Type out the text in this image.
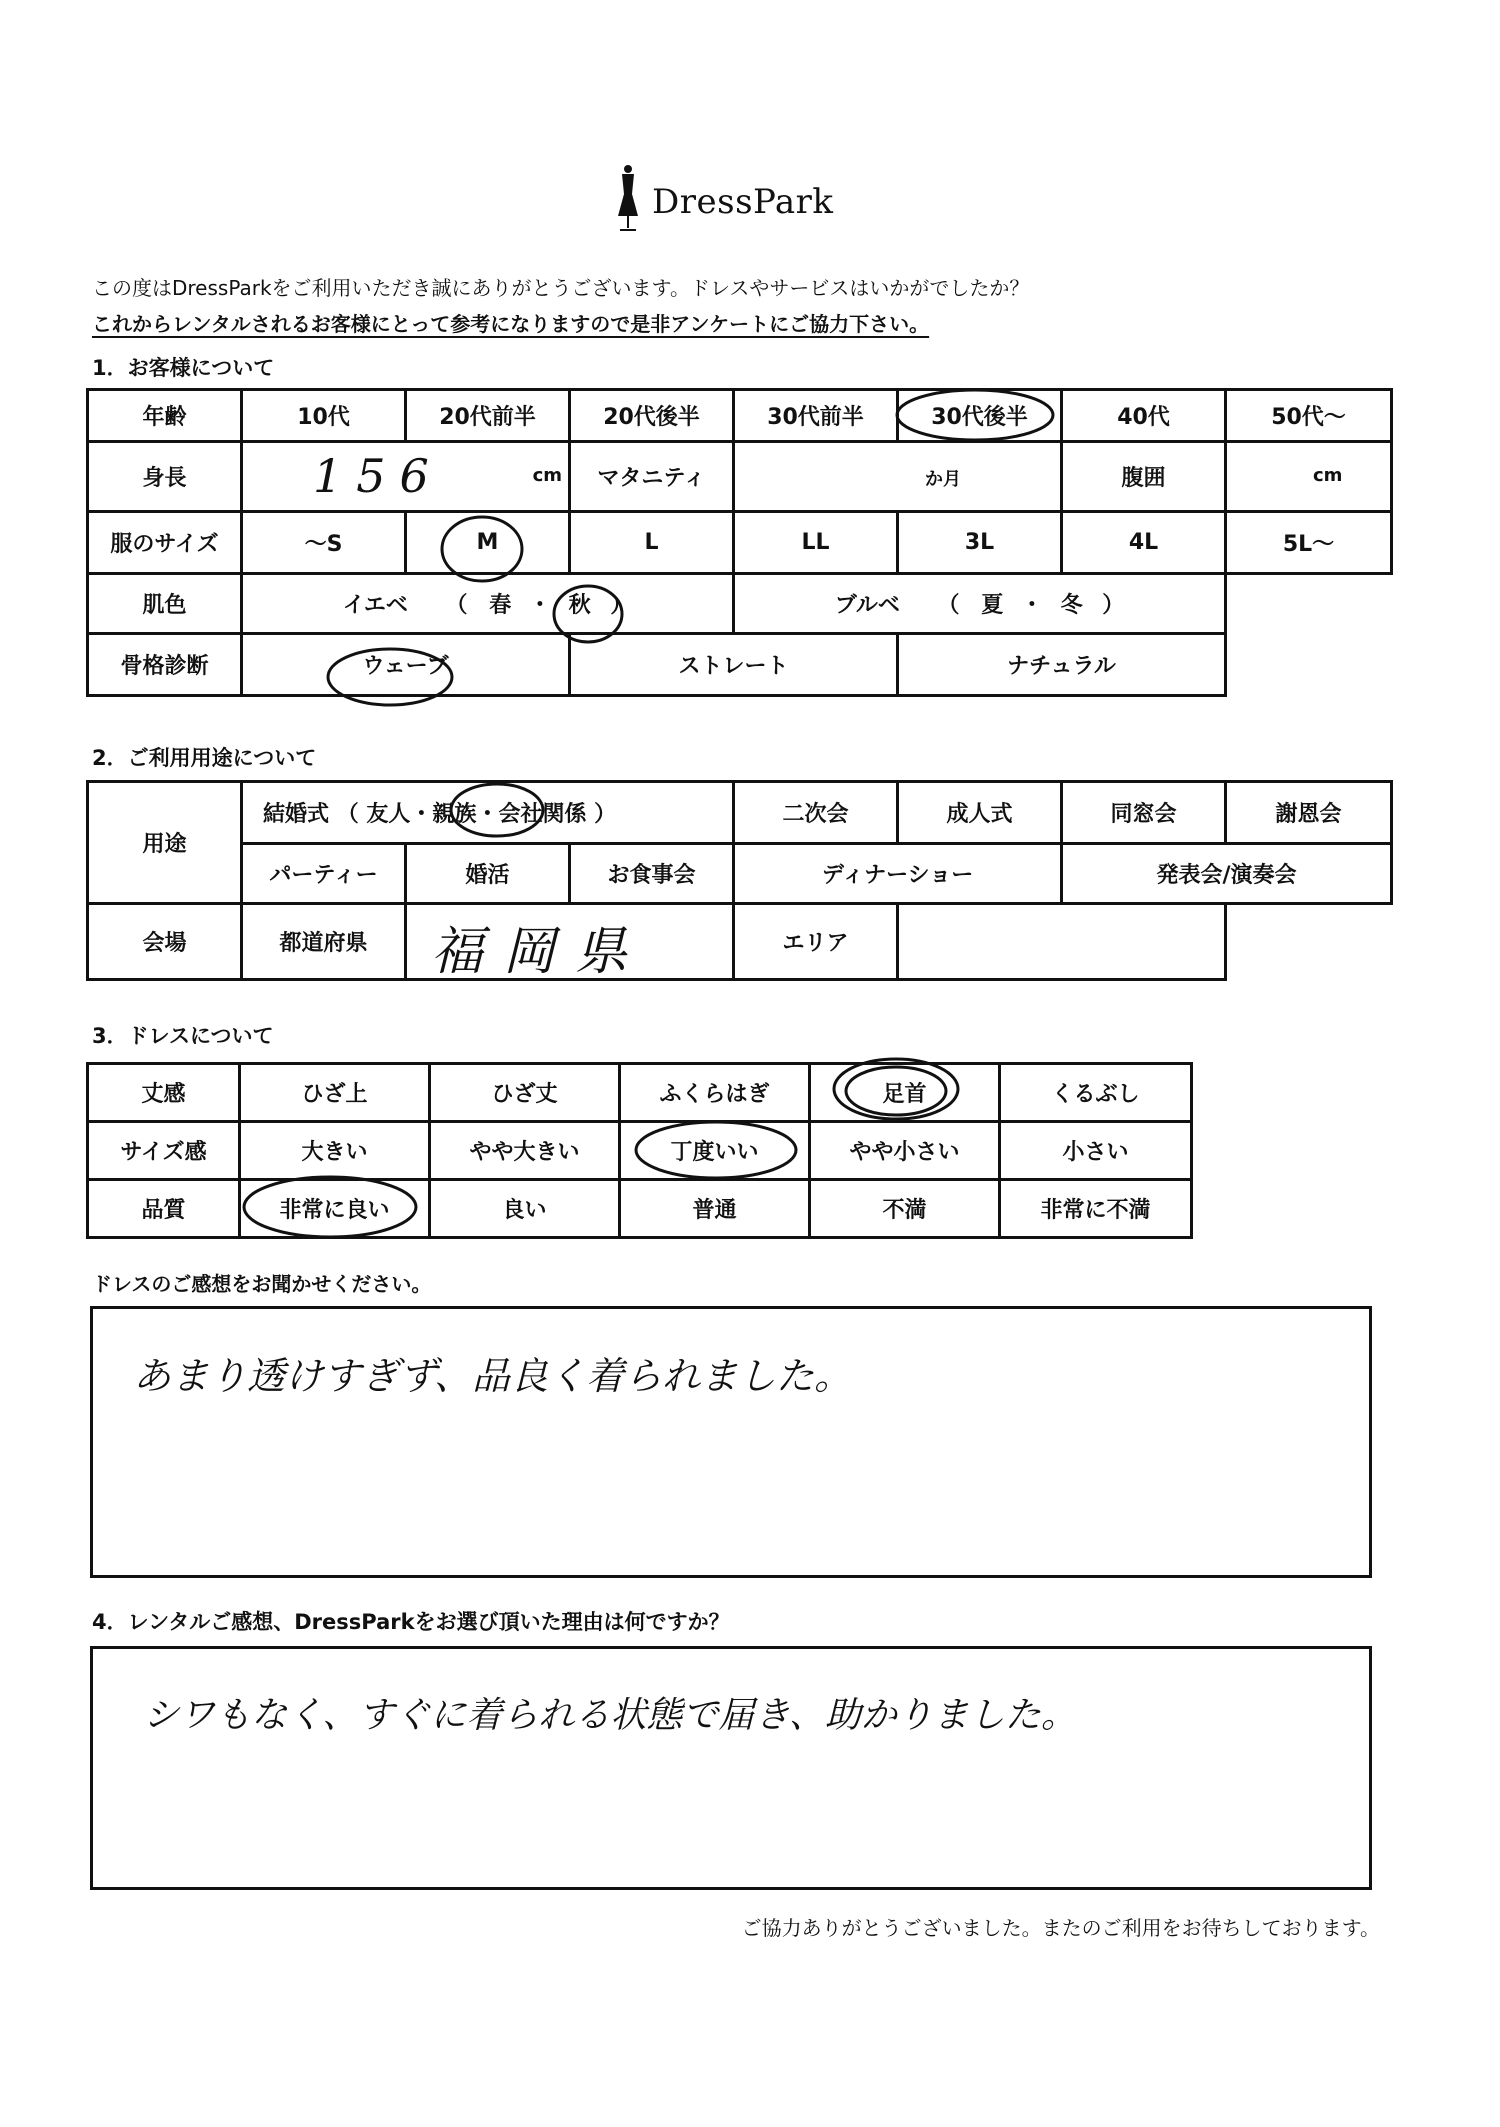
DressPark
この度はDressParkをご利用いただき誠にありがとうございます。ドレスやサービスはいかがでしたか？
これからレンタルされるお客様にとって参考になりますので是非アンケートにご協力下さい。
1．お客様について
年齢	10代	20代前半	20代後半	30代前半	30代後半	40代	50代～
身長	156 cm		マタニティ	か月		腹囲	cm

服のサイズ	～S	M	L	LL	3L	4L	5L～
肌色	イエベ （ 春 ・ 秋 ）			ブルベ （ 夏 ・ 冬 ）			
骨格診断	ウェーブ		ストレート		ナチュラル		
2．ご利用用途について
用途	結婚式 （ 友人・親族・会社関係 ）			二次会	成人式	同窓会	謝恩会
	パーティー	婚活	お食事会	ディナーショー		発表会/演奏会	
会場	都道府県	福岡県		エリア			
3．ドレスについて
丈感	ひざ上	ひざ丈	ふくらはぎ	足首	くるぶし
サイズ感	大きい	やや大きい	丁度いい	やや小さい	小さい
品質	非常に良い	良い	普通	不満	非常に不満
ドレスのご感想をお聞かせください。
あまり透けすぎず、品良く着られました。
4．レンタルご感想、DressParkをお選び頂いた理由は何ですか？
シワもなく、すぐに着られる状態で届き、助かりました。
ご協力ありがとうございました。またのご利用をお待ちしております。
